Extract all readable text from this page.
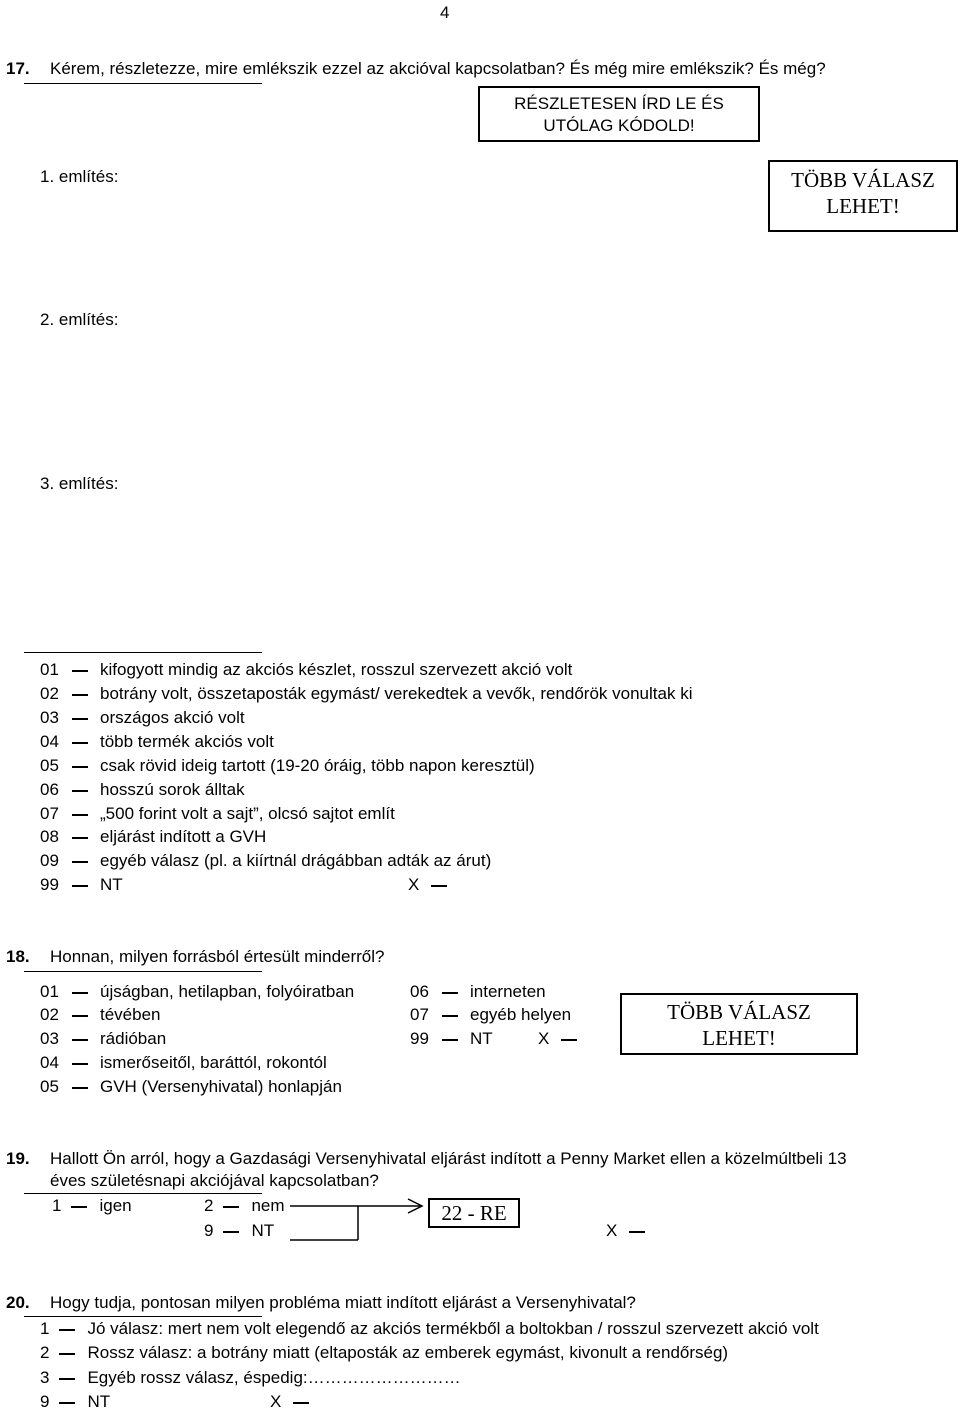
4
17. Kérem, részletezze, mire emlékszik ezzel az akcióval kapcsolatban? És még mire emlékszik? És még?
RÉSZLETESEN ÍRD LE ÉS
UTÓLAG KÓDOLD!
TÖBB VÁLASZ
LEHET!
1. említés:
2. említés:
3. említés:
01 kifogyott mindig az akciós készlet, rosszul szervezett akció volt
02 botrány volt, összetaposták egymást/ verekedtek a vevők, rendőrök vonultak ki
03 országos akció volt
04 több termék akciós volt
05 csak rövid ideig tartott (19-20 óráig, több napon keresztül)
06 hosszú sorok álltak
07 „500 forint volt a sajt”, olcsó sajtot említ
08 eljárást indított a GVH
09 egyéb válasz (pl. a kiírtnál drágábban adták az árut)
99 NT	X
18. Honnan, milyen forrásból értesült minderről?
01 újságban, hetilapban, folyóiratban
02 tévében
03 rádióban
04 ismerőseitől, baráttól, rokontól
05 GVH (Versenyhivatal) honlapján
06 interneten
07 egyéb helyen
99 NT	X
TÖBB VÁLASZ
LEHET!
19. Hallott Ön arról, hogy a Gazdasági Versenyhivatal eljárást indított a Penny Market ellen a közelmúltbeli 13
éves születésnapi akciójával kapcsolatban?
1 igen	2 nem
9 NT
22 - RE
X
20. Hogy tudja, pontosan milyen probléma miatt indított eljárást a Versenyhivatal?
1 Jó válasz: mert nem volt elegendő az akciós termékből a boltokban / rosszul szervezett akció volt
2 Rossz válasz: a botrány miatt (eltaposták az emberek egymást, kivonult a rendőrség)
3 Egyéb rossz válasz, éspedig:………………………
9 NT	X
